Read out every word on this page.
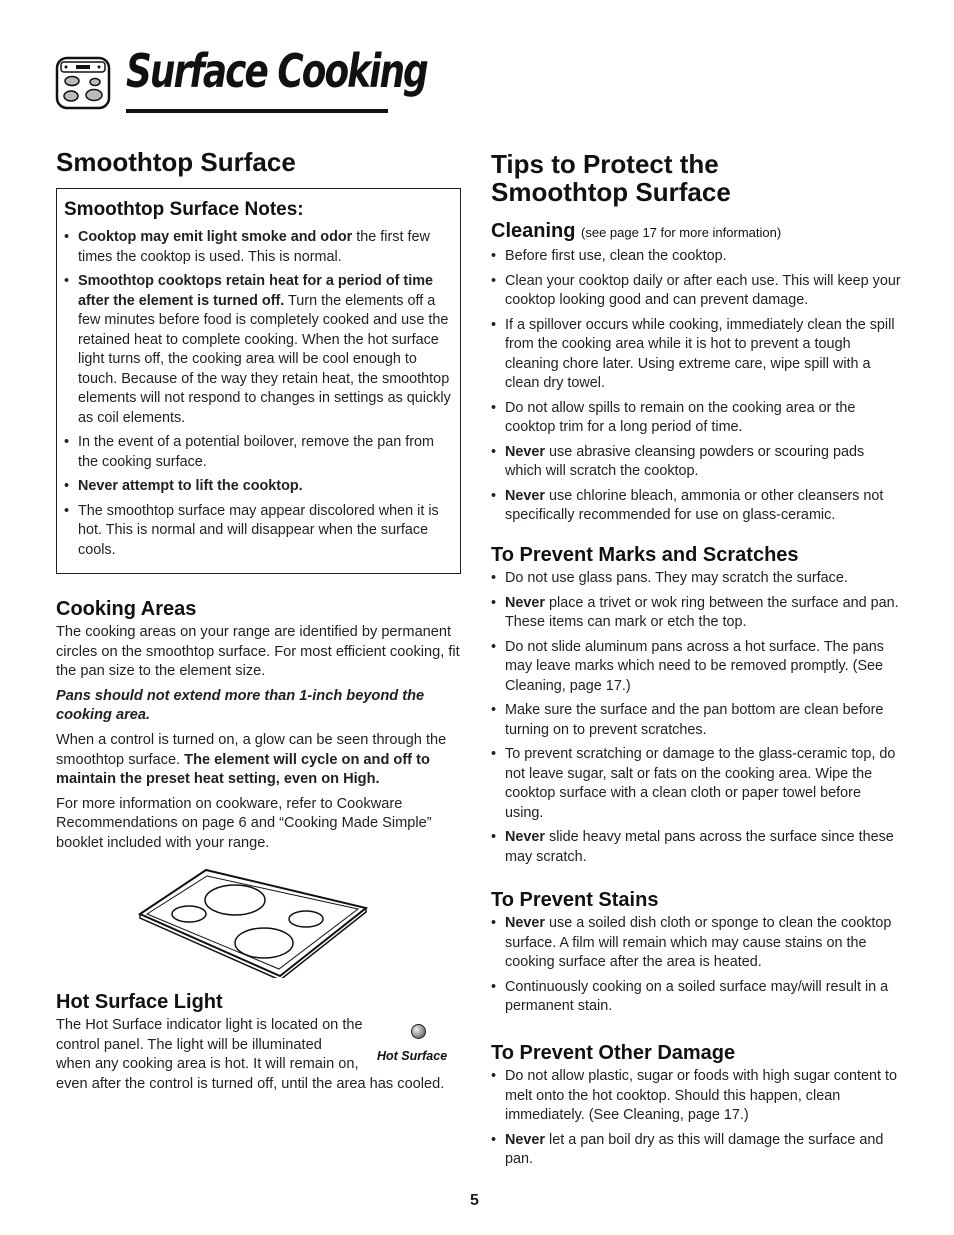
Surface Cooking
Smoothtop Surface
Smoothtop Surface Notes:
• Cooktop may emit light smoke and odor the first few times the cooktop is used. This is normal.
• Smoothtop cooktops retain heat for a period of time after the element is turned off. Turn the elements off a few minutes before food is completely cooked and use the retained heat to complete cooking. When the hot surface light turns off, the cooking area will be cool enough to touch. Because of the way they retain heat, the smoothtop elements will not respond to changes in settings as quickly as coil elements.
• In the event of a potential boilover, remove the pan from the cooking surface.
• Never attempt to lift the cooktop.
• The smoothtop surface may appear discolored when it is hot. This is normal and will disappear when the surface cools.
Cooking Areas

The cooking areas on your range are identified by permanent circles on the smoothtop surface. For most efficient cooking, fit the pan size to the element size.

Pans should not extend more than 1-inch beyond the cooking area.

When a control is turned on, a glow can be seen through the smoothtop surface. The element will cycle on and off to maintain the preset heat setting, even on High.

For more information on cookware, refer to Cookware Recommendations on page 6 and “Cooking Made Simple” booklet included with your range.

Hot Surface Light
The Hot Surface indicator light is located on the
control panel. The light will be illuminated
when any cooking area is hot. It will remain on,
even after the control is turned off, until the area has cooled.
Hot Surface
Tips to Protect the
Smoothtop Surface
Cleaning (see page 17 for more information)
• Before first use, clean the cooktop.
• Clean your cooktop daily or after each use. This will keep your cooktop looking good and can prevent damage.
• If a spillover occurs while cooking, immediately clean the spill from the cooking area while it is hot to prevent a tough cleaning chore later. Using extreme care, wipe spill with a clean dry towel.
• Do not allow spills to remain on the cooking area or the cooktop trim for a long period of time.
• Never use abrasive cleansing powders or scouring pads which will scratch the cooktop.
• Never use chlorine bleach, ammonia or other cleansers not specifically recommended for use on glass-ceramic.
To Prevent Marks and Scratches
• Do not use glass pans. They may scratch the surface.
• Never place a trivet or wok ring between the surface and pan. These items can mark or etch the top.
• Do not slide aluminum pans across a hot surface. The pans may leave marks which need to be removed promptly. (See Cleaning, page 17.)
• Make sure the surface and the pan bottom are clean before turning on to prevent scratches.
• To prevent scratching or damage to the glass-ceramic top, do not leave sugar, salt or fats on the cooking area. Wipe the cooktop surface with a clean cloth or paper towel before using.
• Never slide heavy metal pans across the surface since these may scratch.
To Prevent Stains
• Never use a soiled dish cloth or sponge to clean the cooktop surface. A film will remain which may cause stains on the cooking surface after the area is heated.
• Continuously cooking on a soiled surface may/will result in a permanent stain.
To Prevent Other Damage
• Do not allow plastic, sugar or foods with high sugar content to melt onto the hot cooktop. Should this happen, clean immediately. (See Cleaning, page 17.)
• Never let a pan boil dry as this will damage the surface and pan.
5
